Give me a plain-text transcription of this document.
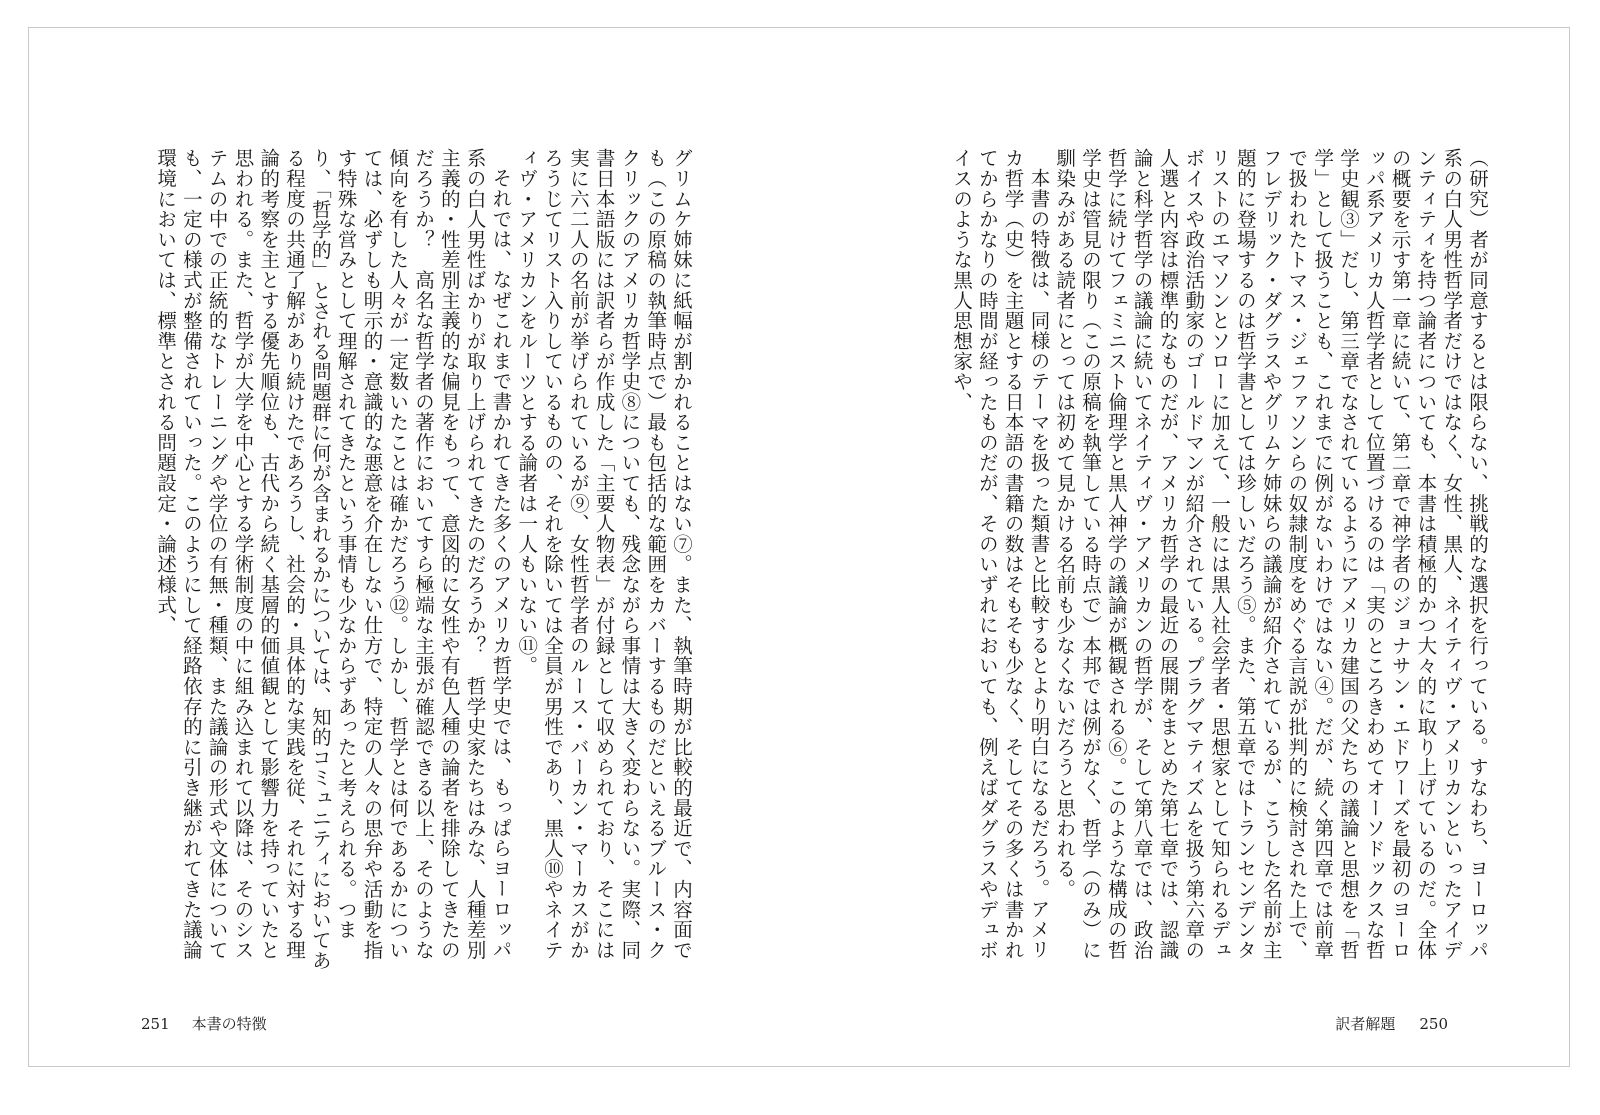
グリムケ姉妹に紙幅が割かれることはない⑦。また、執筆時期が比較的最近で、内容面でも（この原稿の執筆時点で）最も包括的な範囲をカバーするものだといえるブルース・ククリックのアメリカ哲学史⑧についても、残念ながら事情は大きく変わらない。実際、同書日本語版には訳者らが作成した「主要人物表」が付録として収められており、そこには実に六二人の名前が挙げられているが⑨、女性哲学者のルース・バーカン・マーカスがかろうじてリスト入りしているものの、それを除いては全員が男性であり、黒人⑩やネイティヴ・アメリカンをルーツとする論者は一人もいない⑪。

それでは、なぜこれまで書かれてきた多くのアメリカ哲学史では、もっぱらヨーロッパ系の白人男性ばかりが取り上げられてきたのだろうか？　哲学史家たちはみな、人種差別主義的・性差別主義的な偏見をもって、意図的に女性や有色人種の論者を排除してきたのだろうか？　高名な哲学者の著作においてすら極端な主張が確認できる以上、そのような傾向を有した人々が一定数いたことは確かだろう⑫。しかし、哲学とは何であるかについては、必ずしも明示的・意識的な悪意を介在しない仕方で、特定の人々の思弁や活動を指す特殊な営みとして理解されてきたという事情も少なからずあったと考えられる。つまり、「哲学的」とされる問題群に何が含まれるかについては、知的コミュニティにおいてある程度の共通了解があり続けたであろうし、社会的・具体的な実践を従、それに対する理論的考察を主とする優先順位も、古代から続く基層的価値観として影響力を持っていたと思われる。また、哲学が大学を中心とする学術制度の中に組み込まれて以降は、そのシステムの中での正統的なトレーニングや学位の有無・種類、また議論の形式や文体についても、一定の様式が整備されていった。このようにして経路依存的に引き継がれてきた議論環境においては、標準とされる問題設定・論述様式、

251 本書の特徴

（研究）者が同意するとは限らない、挑戦的な選択を行っている。すなわち、ヨーロッパ系の白人男性哲学者だけではなく、女性、黒人、ネイティヴ・アメリカンといったアイデンティティを持つ論者についても、本書は積極的かつ大々的に取り上げているのだ。全体の概要を示す第一章に続いて、第二章で神学者のジョナサン・エドワーズを最初のヨーロッパ系アメリカ人哲学者として位置づけるのは「実のところきわめてオーソドックスな哲学史観③」だし、第三章でなされているようにアメリカ建国の父たちの議論と思想を「哲学」として扱うことも、これまでに例がないわけではない④。だが、続く第四章では前章で扱われたトマス・ジェファソンらの奴隷制度をめぐる言説が批判的に検討された上で、フレデリック・ダグラスやグリムケ姉妹らの議論が紹介されているが、こうした名前が主題的に登場するのは哲学書としては珍しいだろう⑤。また、第五章ではトランセンデンタリストのエマソンとソローに加えて、一般には黒人社会学者・思想家として知られるデュボイスや政治活動家のゴールドマンが紹介されている。プラグマティズムを扱う第六章の人選と内容は標準的なものだが、アメリカ哲学の最近の展開をまとめた第七章では、認識論と科学哲学の議論に続いてネイティヴ・アメリカンの哲学が、そして第八章では、政治哲学に続けてフェミニスト倫理学と黒人神学の議論が概観される⑥。このような構成の哲学史は管見の限り（この原稿を執筆している時点で）本邦では例がなく、哲学（のみ）に馴染みがある読者にとっては初めて見かける名前も少なくないだろうと思われる。

本書の特徴は、同様のテーマを扱った類書と比較するとより明白になるだろう。アメリカ哲学（史）を主題とする日本語の書籍の数はそもそも少なく、そしてその多くは書かれてからかなりの時間が経ったものだが、そのいずれにおいても、例えばダグラスやデュボイスのような黒人思想家や、

訳者解題 250
